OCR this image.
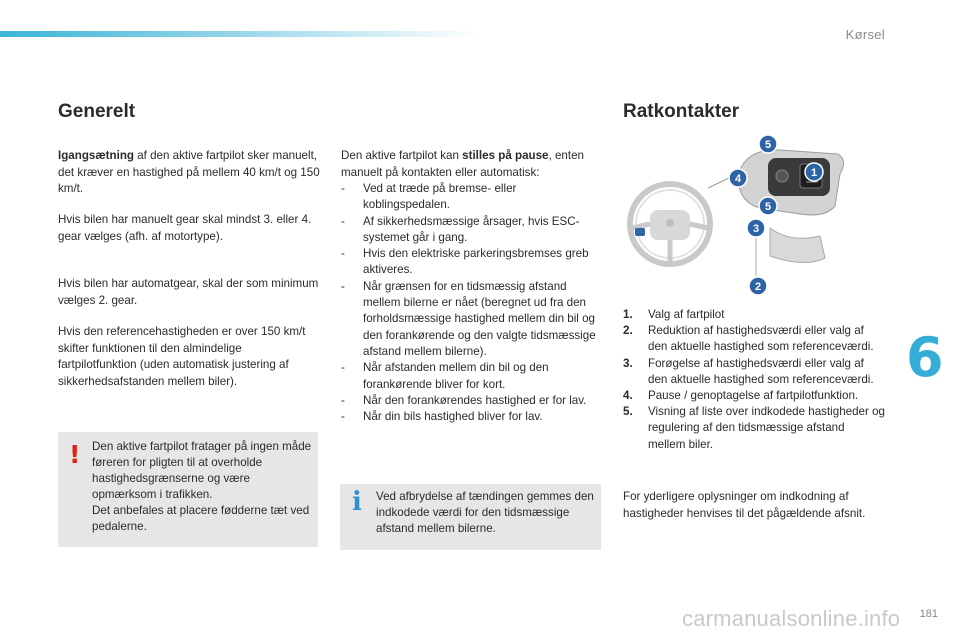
Kørsel
Generelt

Igangsætning af den aktive fartpilot sker manuelt, det kræver en hastighed på mellem 40 km/t og 150 km/t.

Hvis bilen har manuelt gear skal mindst 3. eller 4. gear vælges (afh. af motortype).

Hvis bilen har automatgear, skal der som minimum vælges 2. gear.

Hvis den referencehastigheden er over 150 km/t skifter funktionen til den almindelige fartpilotfunktion (uden automatisk justering af sikkerhedsafstanden mellem biler).

! Den aktive fartpilot fratager på ingen måde føreren for pligten til at overholde hastighedsgrænserne og være opmærksom i trafikken.
Det anbefales at placere fødderne tæt ved pedalerne.

Den aktive fartpilot kan stilles på pause, enten manuelt på kontakten eller automatisk:

- Ved at træde på bremse- eller koblingspedalen.
- Af sikkerhedsmæssige årsager, hvis ESC-systemet går i gang.
- Hvis den elektriske parkeringsbremses greb aktiveres.
- Når grænsen for en tidsmæssig afstand mellem bilerne er nået (beregnet ud fra den forholdsmæssige hastighed mellem din bil og den forankørende og den valgte tidsmæssige afstand mellem bilerne).
- Når afstanden mellem din bil og den forankørende bliver for kort.
- Når den forankørendes hastighed er for lav.
- Når din bils hastighed bliver for lav.
i Ved afbrydelse af tændingen gemmes den indkodede værdi for den tidsmæssige afstand mellem bilerne.
Ratkontakter
1
2
3
4
5
5
1. Valg af fartpilot
2. Reduktion af hastighedsværdi eller valg af den aktuelle hastighed som referenceværdi.
3. Forøgelse af hastighedsværdi eller valg af den aktuelle hastighed som referenceværdi.
4. Pause / genoptagelse af fartpilotfunktion.
5. Visning af liste over indkodede hastigheder og regulering af den tidsmæssige afstand mellem biler.

For yderligere oplysninger om indkodning af hastigheder henvises til det pågældende afsnit.

6
181
carmanualsonline.info
